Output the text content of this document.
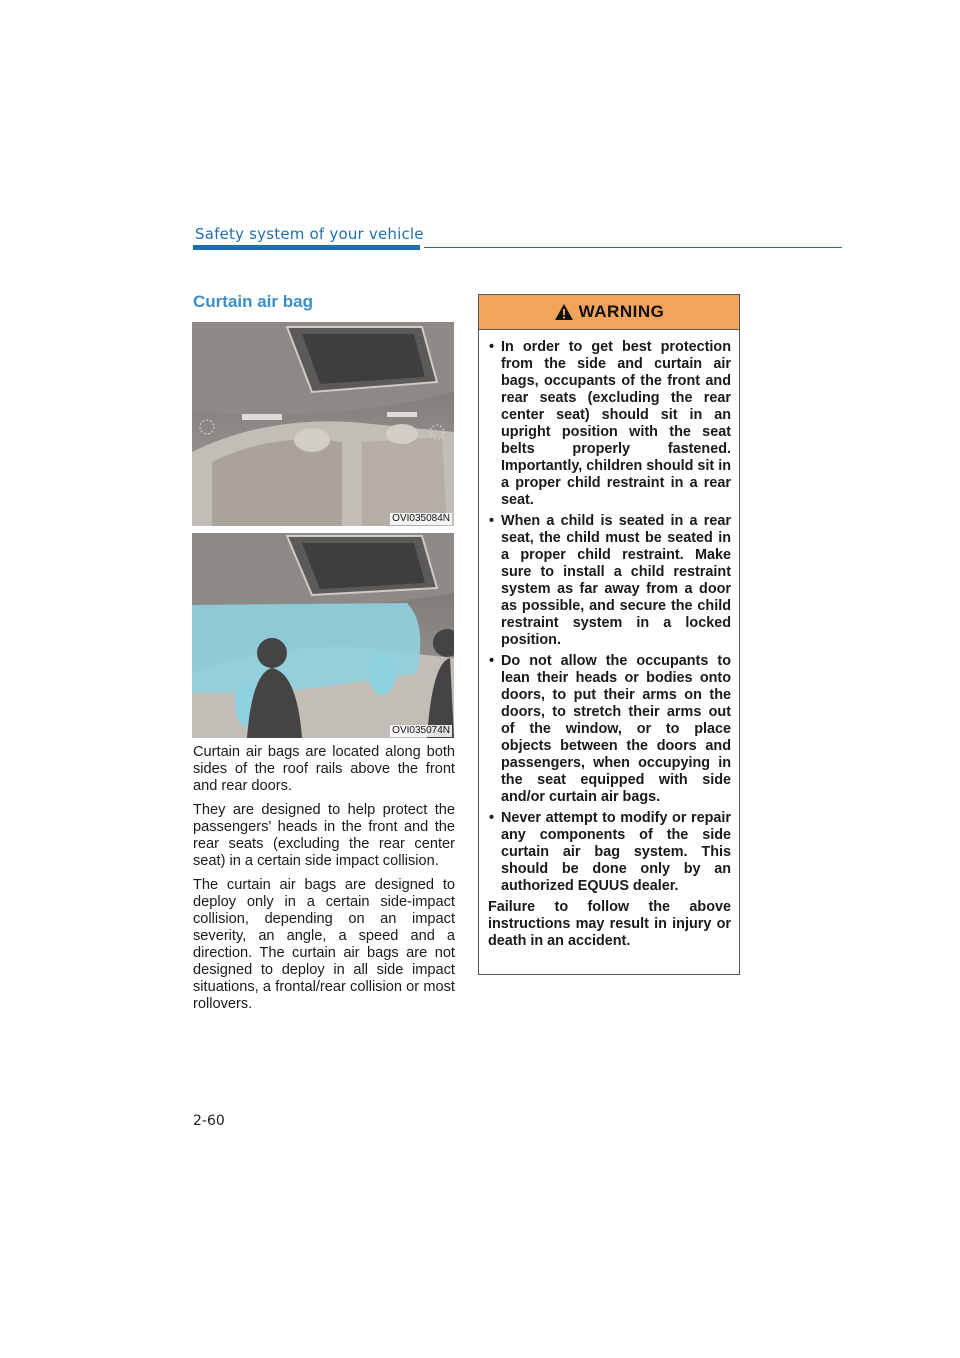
Safety system of your vehicle
Curtain air bag
OVI035084N
OVI035074N

Curtain air bags are located along both sides of the roof rails above the front and rear doors.

They are designed to help protect the passengers' heads in the front and the rear seats (excluding the rear center seat) in a certain side impact collision.

The curtain air bags are designed to deploy only in a certain side-impact collision, depending on an impact severity, an angle, a speed and a direction. The curtain air bags are not designed to deploy in all side impact situations, a frontal/rear collision or most rollovers.

WARNING
• In order to get best protection from the side and curtain air bags, occupants of the front and rear seats (excluding the rear center seat) should sit in an upright position with the seat belts properly fastened. Importantly, children should sit in a proper child restraint in a rear seat.
• When a child is seated in a rear seat, the child must be seated in a proper child restraint. Make sure to install a child restraint system as far away from a door as possible, and secure the child restraint system in a locked position.
• Do not allow the occupants to lean their heads or bodies onto doors, to put their arms on the doors, to stretch their arms out of the window, or to place objects between the doors and passengers, when occupying in the seat equipped with side and/or curtain air bags.
• Never attempt to modify or repair any components of the side curtain air bag system. This should be done only by an authorized EQUUS dealer.
Failure to follow the above instructions may result in injury or death in an accident.
2-60
